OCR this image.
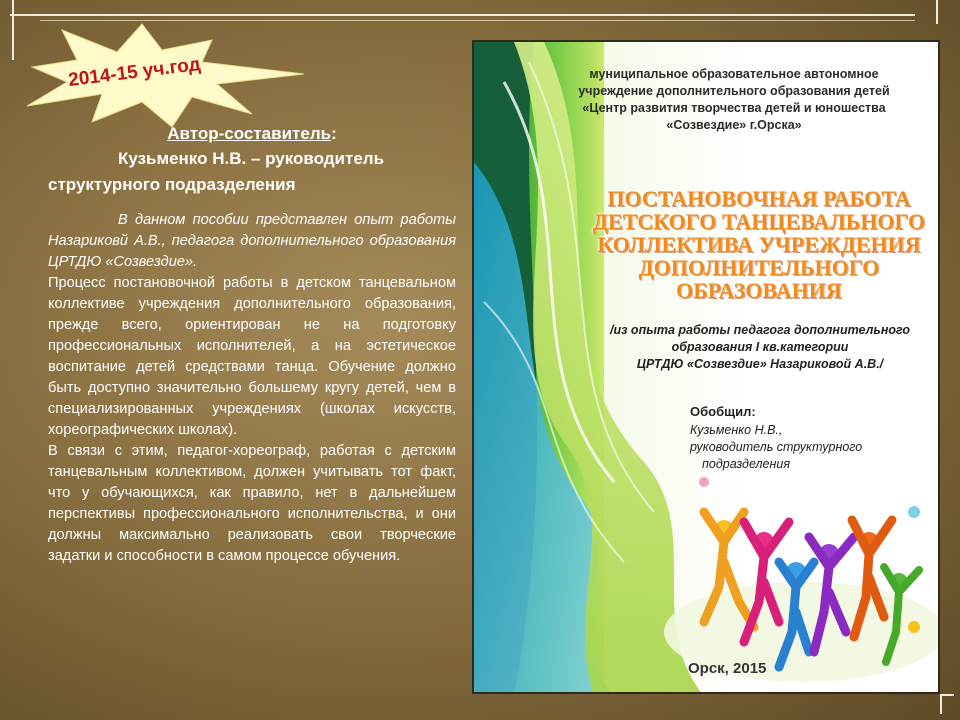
2014-15 уч.год
Автор-составитель:
Кузьменко Н.В. – руководитель
структурного подразделения

В данном пособии представлен опыт работы Назариковй А.В., педагога дополнительного образования ЦРТДЮ «Созвездие».

Процесс постановочной работы в детском танцевальном коллективе учреждения дополнительного образования, прежде всего, ориентирован не на подготовку профессиональных исполнителей, а на эстетическое воспитание детей средствами танца. Обучение должно быть доступно значительно большему кругу детей, чем в специализированных учреждениях (школах искусств, хореографических школах).

В связи с этим, педагог-хореограф, работая с детским танцевальным коллективом, должен учитывать тот факт, что у обучающихся, как правило, нет в дальнейшем перспективы профессионального исполнительства, и они должны максимально реализовать свои творческие задатки и способности в самом процессе обучения.

муниципальное образовательное автономное
учреждение дополнительного образования детей
«Центр развития творчества детей и юношества
«Созвездие» г.Орска»
ПОСТАНОВОЧНАЯ РАБОТА
ДЕТСКОГО ТАНЦЕВАЛЬНОГО
КОЛЛЕКТИВА УЧРЕЖДЕНИЯ
ДОПОЛНИТЕЛЬНОГО
ОБРАЗОВАНИЯ
/из опыта работы педагога дополнительного
образования I кв.категории
ЦРТДЮ «Созвездие» Назариковой А.В./
Обобщил:
Кузьменко Н.В.,
руководитель структурного
подразделения
Орск, 2015
